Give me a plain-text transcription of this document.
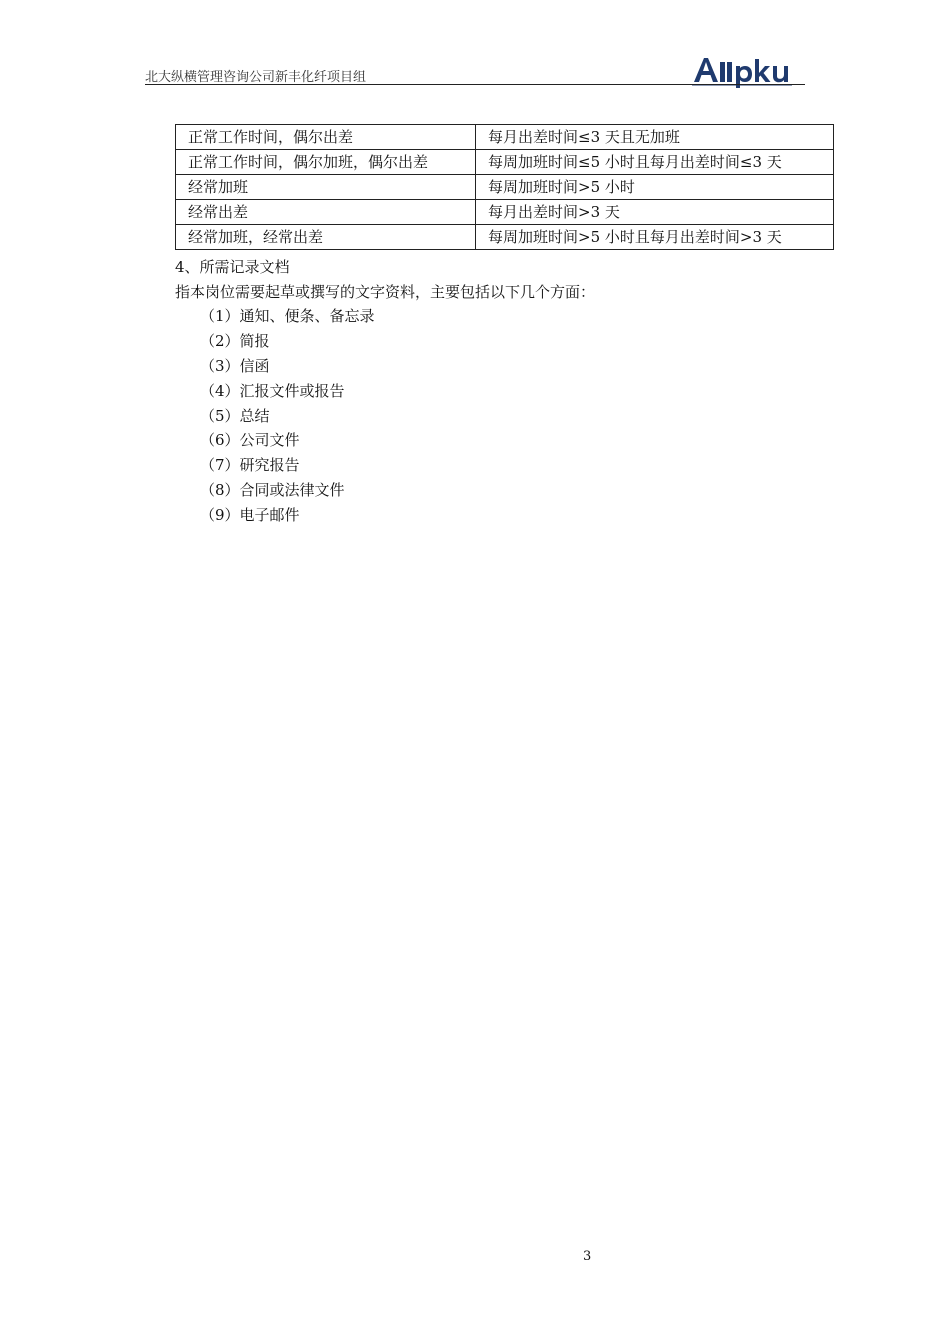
北大纵横管理咨询公司新丰化纤项目组
正常工作时间，偶尔出差	每月出差时间≤3 天且无加班
正常工作时间，偶尔加班，偶尔出差	每周加班时间≤5 小时且每月出差时间≤3 天
经常加班	每周加班时间>5 小时
经常出差	每月出差时间>3 天
经常加班，经常出差	每周加班时间>5 小时且每月出差时间>3 天
4、所需记录文档
指本岗位需要起草或撰写的文字资料，主要包括以下几个方面：
（1）通知、便条、备忘录
（2）简报
（3）信函
（4）汇报文件或报告
（5）总结
（6）公司文件
（7）研究报告
（8）合同或法律文件
（9）电子邮件
3
